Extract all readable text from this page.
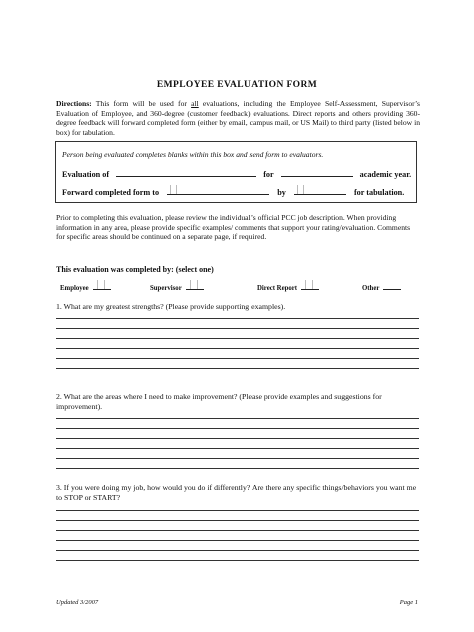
EMPLOYEE EVALUATION FORM
Directions: This form will be used for all evaluations, including the Employee Self-Assessment, Supervisor’s Evaluation of Employee, and 360-degree (customer feedback) evaluations. Direct reports and others providing 360-degree feedback will forward completed form (either by email, campus mail, or US Mail) to third party (listed below in box) for tabulation.
Person being evaluated completes blanks within this box and send form to evaluators.
Evaluation of	for	academic year.
Forward completed form to	by	for tabulation.
Prior to completing this evaluation, please review the individual’s official PCC job description. When providing information in any area, please provide specific examples/ comments that support your rating/evaluation. Comments for specific areas should be continued on a separate page, if required.
This evaluation was completed by: (select one)
Employee	Supervisor	Direct Report	Other
1. What are my greatest strengths? (Please provide supporting examples).
2. What are the areas where I need to make improvement? (Please provide examples and suggestions for improvement).
3. If you were doing my job, how would you do if differently? Are there any specific things/behaviors you want me to STOP or START?
Updated 3/2007	Page 1
